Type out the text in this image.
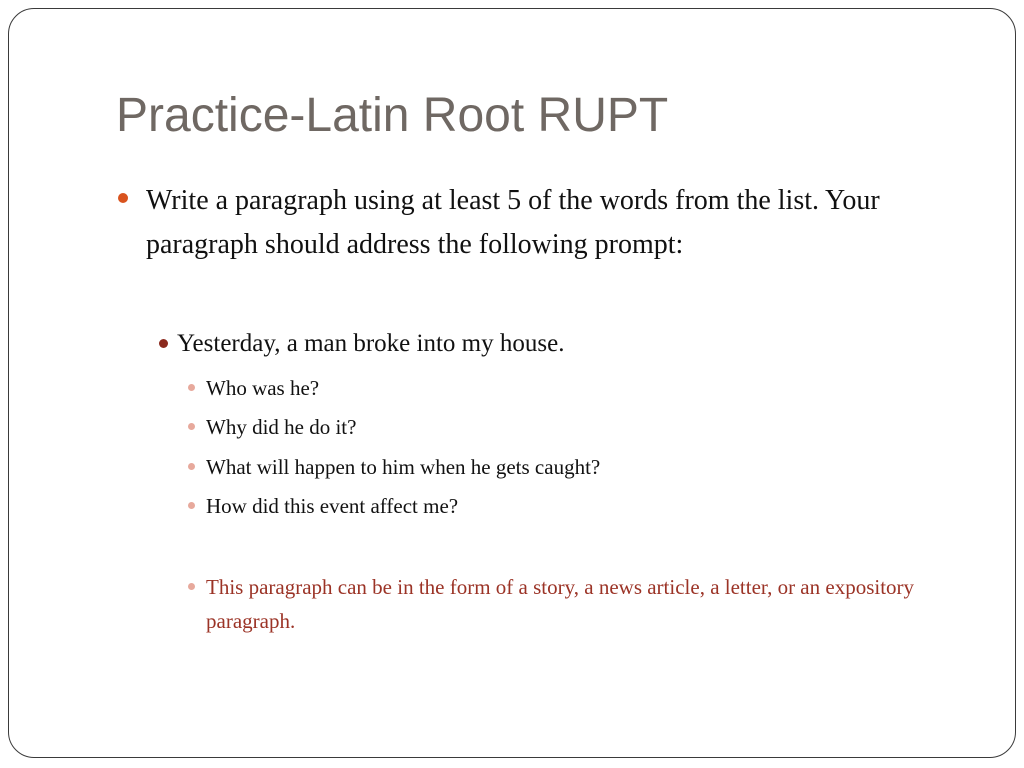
Practice-Latin Root RUPT
Write a paragraph using at least 5 of the words from the list. Your paragraph should address the following prompt:
Yesterday, a man broke into my house.
Who was he?
Why did he do it?
What will happen to him when he gets caught?
How did this event affect me?
This paragraph can be in the form of a story, a news article, a letter, or an expository paragraph.
